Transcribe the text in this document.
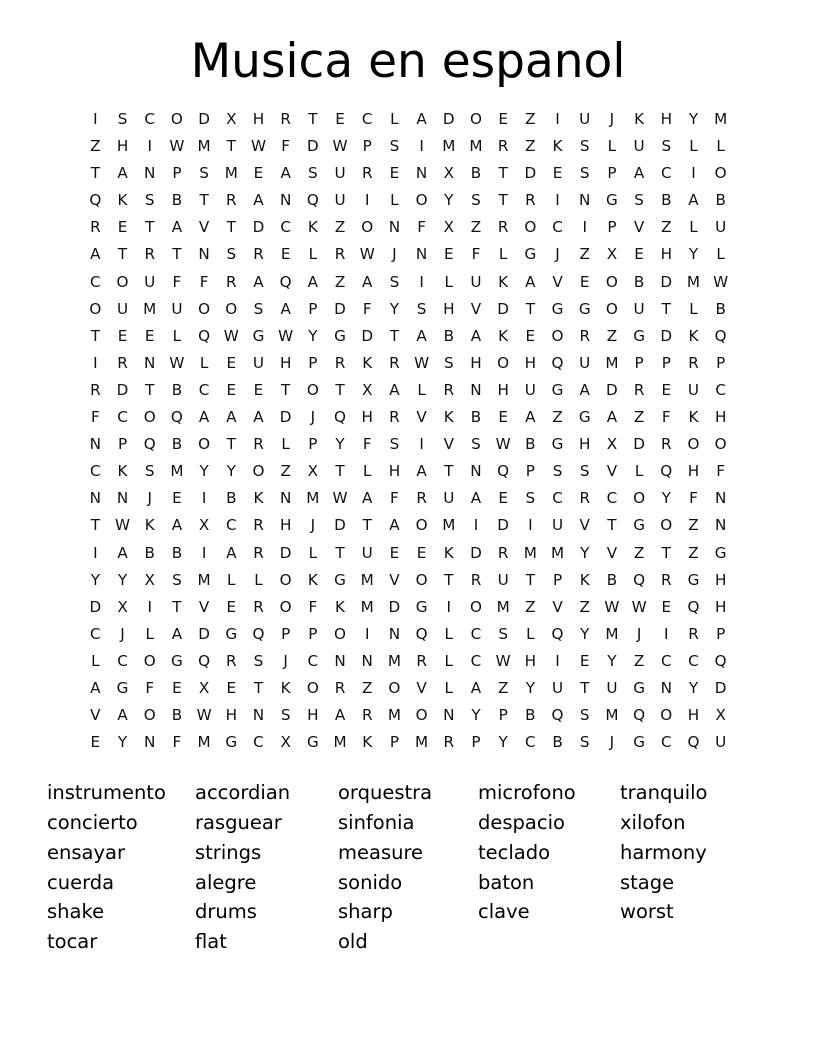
Musica en espanol
I	S	C	O	D	X	H	R	T	E	C	L	A	D	O	E	Z	I	U	J	K	H	Y	M
Z	H	I	W	M	T	W	F	D	W	P	S	I	M	M	R	Z	K	S	L	U	S	L	L
T	A	N	P	S	M	E	A	S	U	R	E	N	X	B	T	D	E	S	P	A	C	I	O
Q	K	S	B	T	R	A	N	Q	U	I	L	O	Y	S	T	R	I	N	G	S	B	A	B
R	E	T	A	V	T	D	C	K	Z	O	N	F	X	Z	R	O	C	I	P	V	Z	L	U
A	T	R	T	N	S	R	E	L	R	W	J	N	E	F	L	G	J	Z	X	E	H	Y	L
C	O	U	F	F	R	A	Q	A	Z	A	S	I	L	U	K	A	V	E	O	B	D	M	W
O	U	M	U	O	O	S	A	P	D	F	Y	S	H	V	D	T	G	G	O	U	T	L	B
T	E	E	L	Q	W	G	W	Y	G	D	T	A	B	A	K	E	O	R	Z	G	D	K	Q
I	R	N	W	L	E	U	H	P	R	K	R	W	S	H	O	H	Q	U	M	P	P	R	P
R	D	T	B	C	E	E	T	O	T	X	A	L	R	N	H	U	G	A	D	R	E	U	C
F	C	O	Q	A	A	A	D	J	Q	H	R	V	K	B	E	A	Z	G	A	Z	F	K	H
N	P	Q	B	O	T	R	L	P	Y	F	S	I	V	S	W	B	G	H	X	D	R	O	O
C	K	S	M	Y	Y	O	Z	X	T	L	H	A	T	N	Q	P	S	S	V	L	Q	H	F
N	N	J	E	I	B	K	N	M	W	A	F	R	U	A	E	S	C	R	C	O	Y	F	N
T	W	K	A	X	C	R	H	J	D	T	A	O	M	I	D	I	U	V	T	G	O	Z	N
I	A	B	B	I	A	R	D	L	T	U	E	E	K	D	R	M	M	Y	V	Z	T	Z	G
Y	Y	X	S	M	L	L	O	K	G	M	V	O	T	R	U	T	P	K	B	Q	R	G	H
D	X	I	T	V	E	R	O	F	K	M	D	G	I	O	M	Z	V	Z	W	W	E	Q	H
C	J	L	A	D	G	Q	P	P	O	I	N	Q	L	C	S	L	Q	Y	M	J	I	R	P
L	C	O	G	Q	R	S	J	C	N	N	M	R	L	C	W	H	I	E	Y	Z	C	C	Q
A	G	F	E	X	E	T	K	O	R	Z	O	V	L	A	Z	Y	U	T	U	G	N	Y	D
V	A	O	B	W	H	N	S	H	A	R	M	O	N	Y	P	B	Q	S	M	Q	O	H	X
E	Y	N	F	M	G	C	X	G	M	K	P	M	R	P	Y	C	B	S	J	G	C	Q	U
instrumento
concierto
ensayar
cuerda
shake
tocar
accordian
rasguear
strings
alegre
drums
flat
orquestra
sinfonia
measure
sonido
sharp
old
microfono
despacio
teclado
baton
clave
tranquilo
xilofon
harmony
stage
worst
